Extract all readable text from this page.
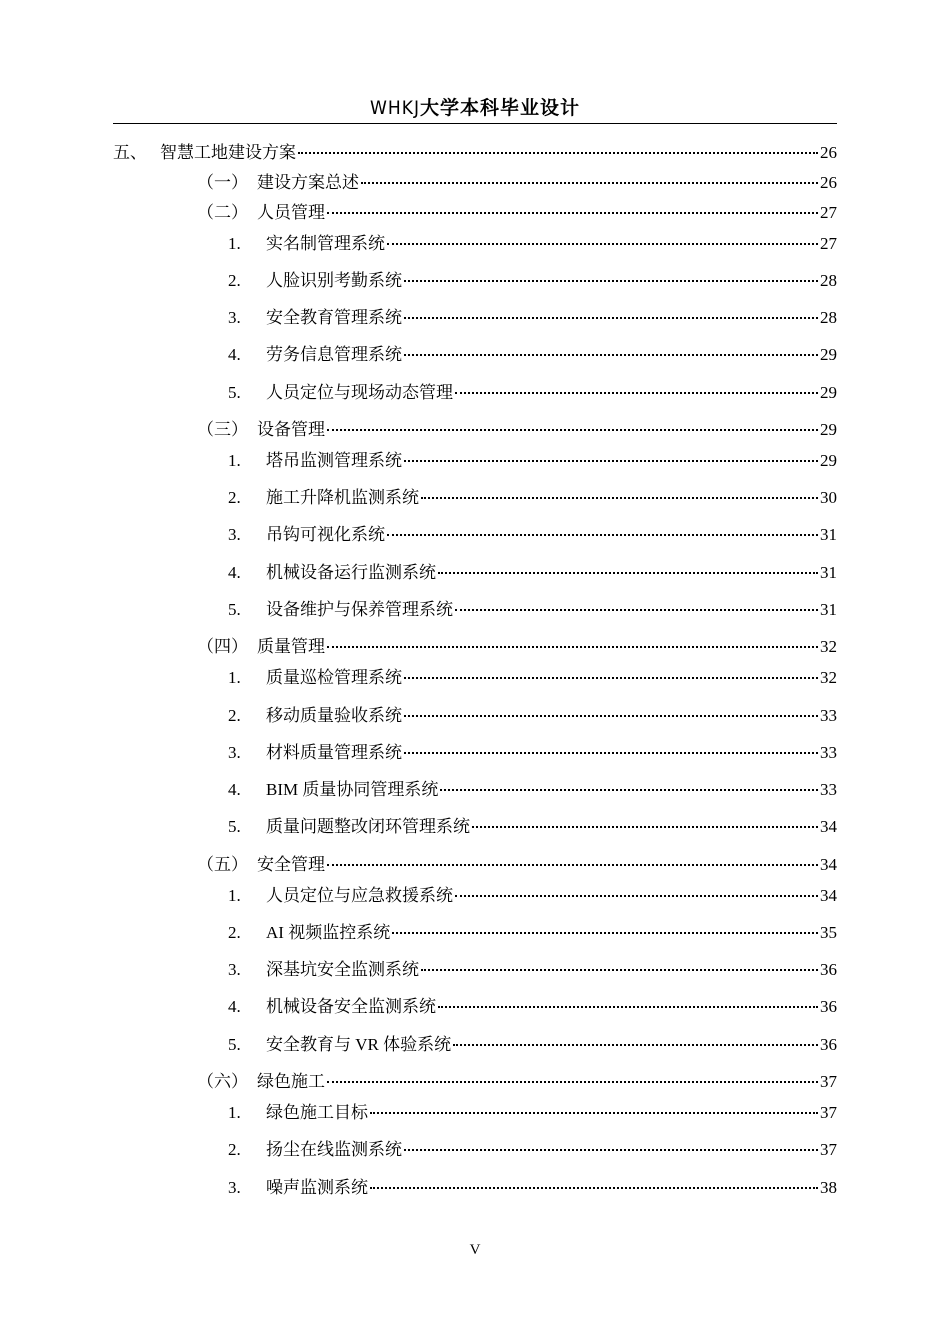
WHKJ大学本科毕业设计
五、 智慧工地建设方案	26
（一） 建设方案总述	26
（二） 人员管理	27
1. 实名制管理系统	27
2. 人脸识别考勤系统	28
3. 安全教育管理系统	28
4. 劳务信息管理系统	29
5. 人员定位与现场动态管理	29
（三） 设备管理	29
1. 塔吊监测管理系统	29
2. 施工升降机监测系统	30
3. 吊钩可视化系统	31
4. 机械设备运行监测系统	31
5. 设备维护与保养管理系统	31
（四） 质量管理	32
1. 质量巡检管理系统	32
2. 移动质量验收系统	33
3. 材料质量管理系统	33
4. BIM 质量协同管理系统	33
5. 质量问题整改闭环管理系统	34
（五） 安全管理	34
1. 人员定位与应急救援系统	34
2. AI 视频监控系统	35
3. 深基坑安全监测系统	36
4. 机械设备安全监测系统	36
5. 安全教育与 VR 体验系统	36
（六） 绿色施工	37
1. 绿色施工目标	37
2. 扬尘在线监测系统	37
3. 噪声监测系统	38
V
